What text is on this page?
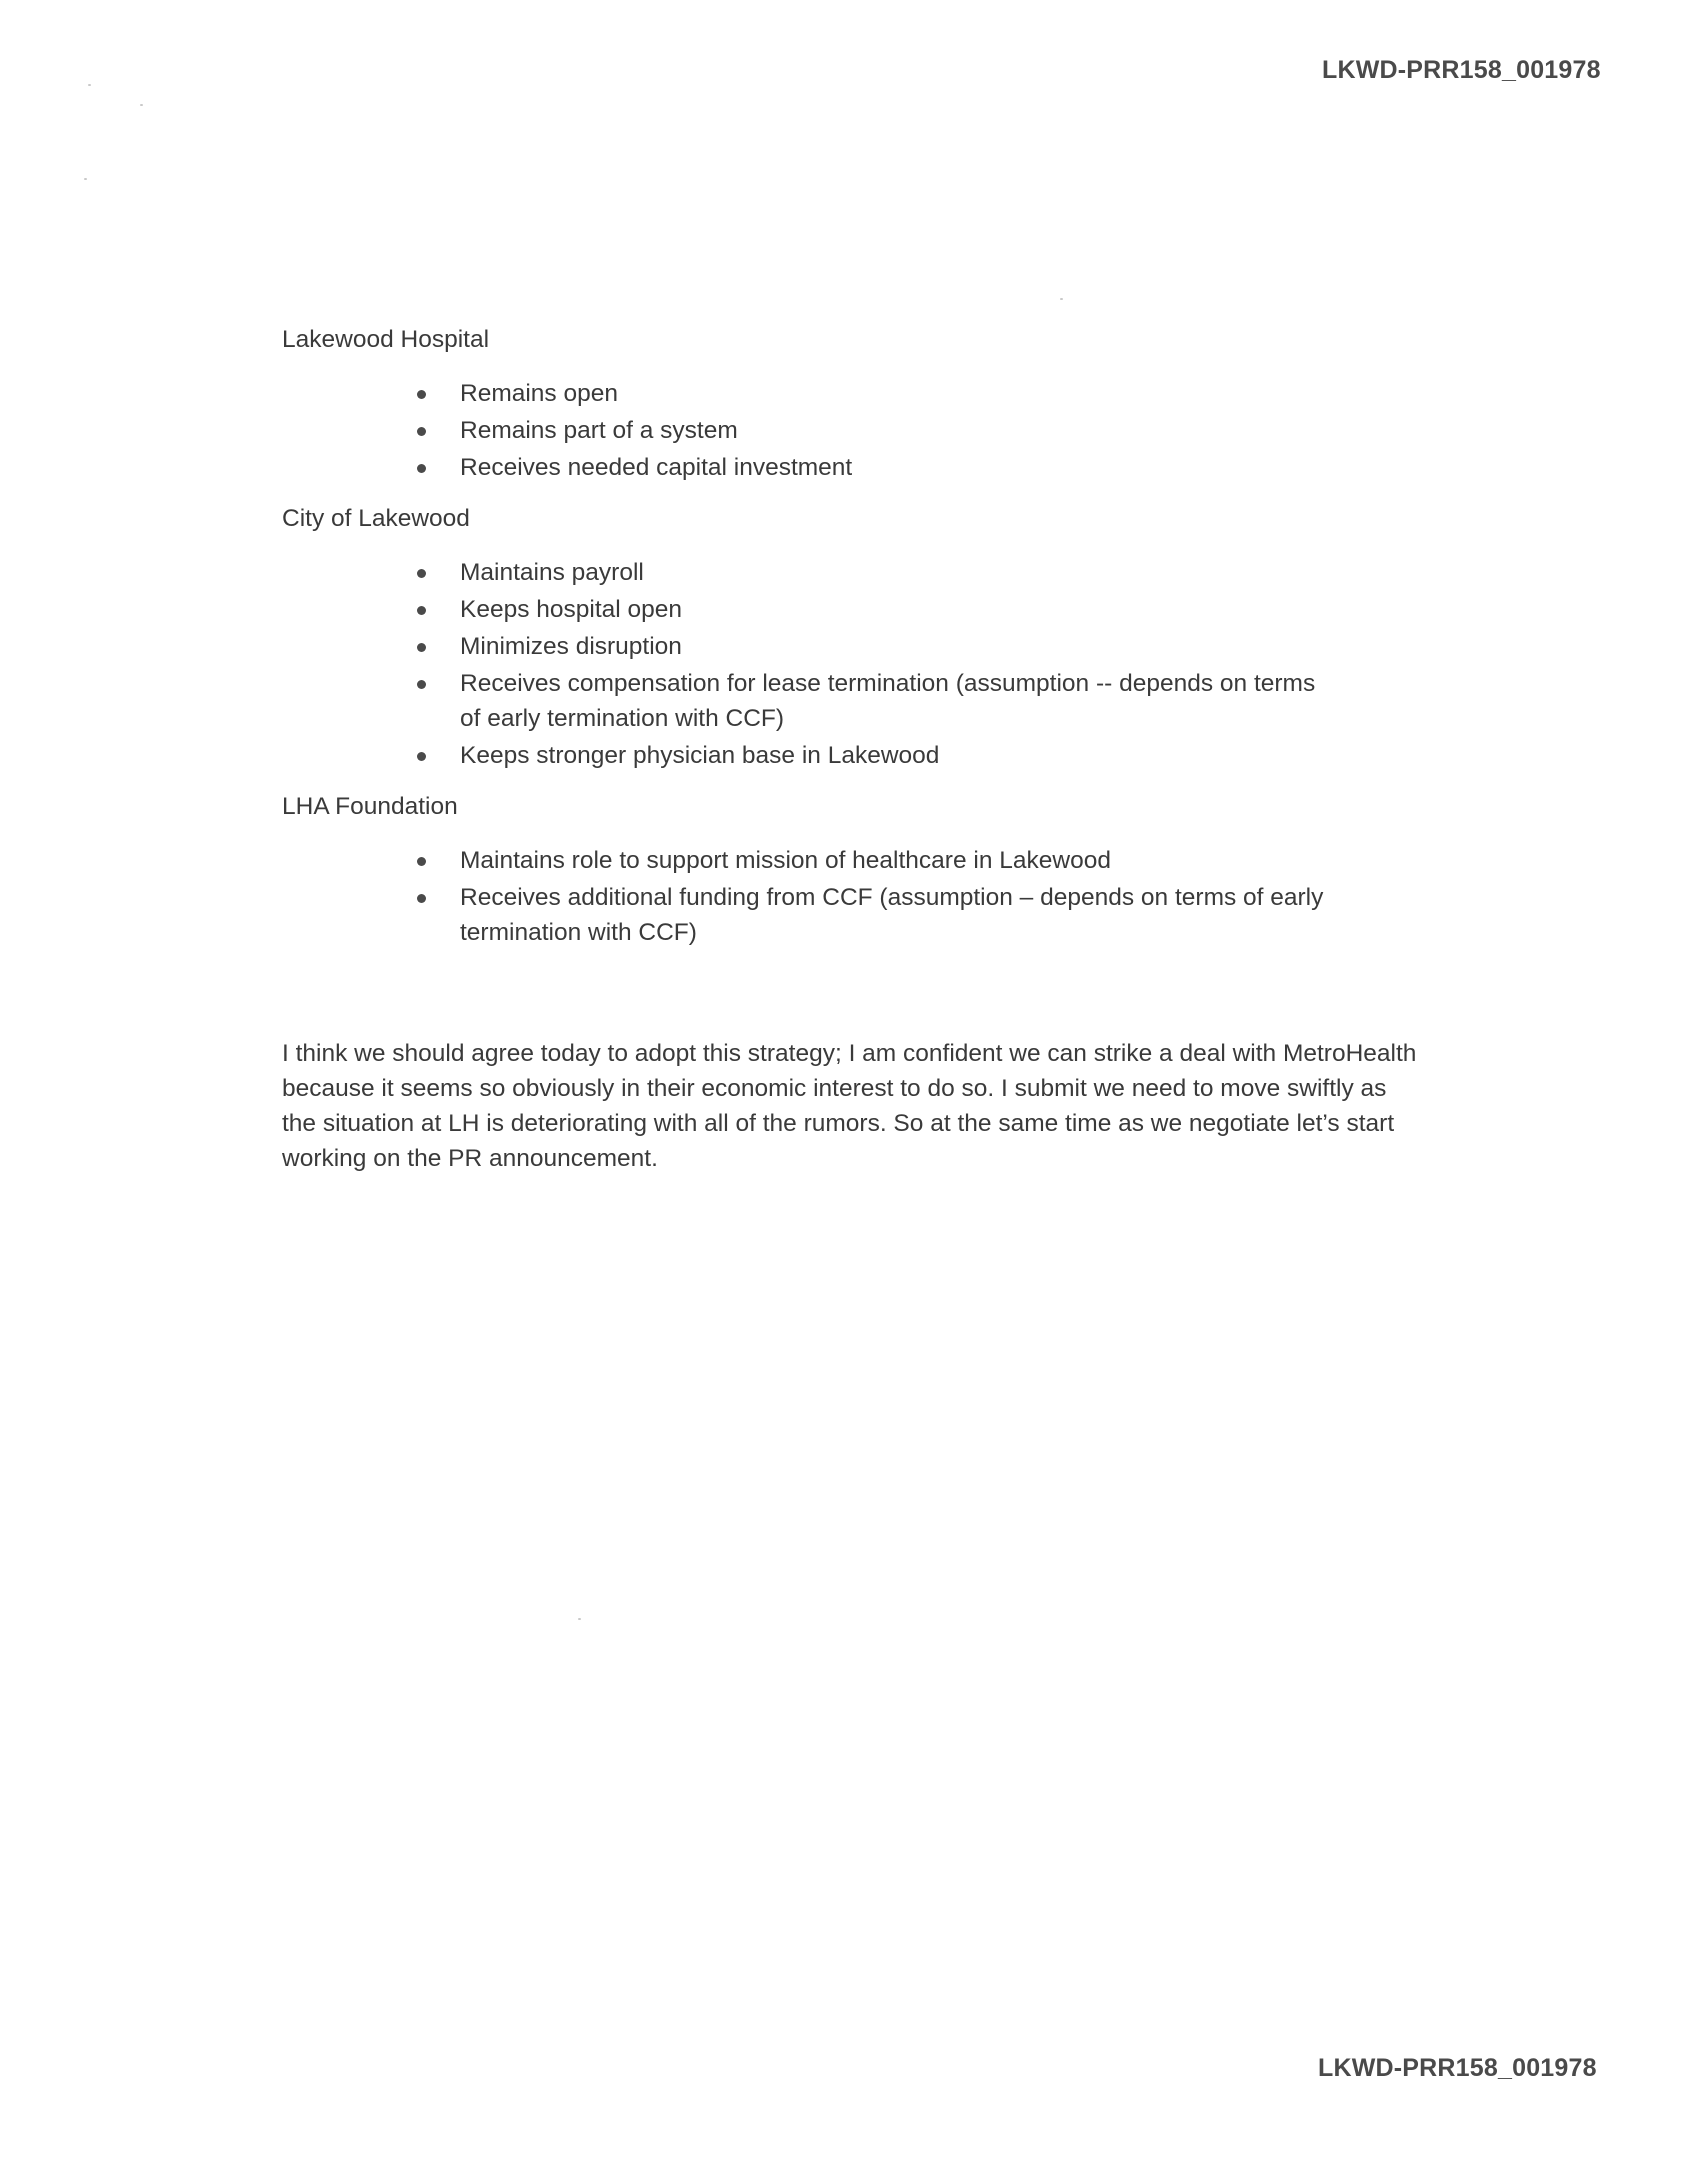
LKWD-PRR158_001978
Lakewood Hospital
Remains open
Remains part of a system
Receives needed capital investment
City of Lakewood
Maintains payroll
Keeps hospital open
Minimizes disruption
Receives compensation for lease termination (assumption -- depends on terms of early termination with CCF)
Keeps stronger physician base in Lakewood
LHA Foundation
Maintains role to support mission of healthcare in Lakewood
Receives additional funding from CCF (assumption – depends on terms of early termination with CCF)

I think we should agree today to adopt this strategy; I am confident we can strike a deal with MetroHealth because it seems so obviously in their economic interest to do so. I submit we need to move swiftly as the situation at LH is deteriorating with all of the rumors. So at the same time as we negotiate let’s start working on the PR announcement.

LKWD-PRR158_001978
